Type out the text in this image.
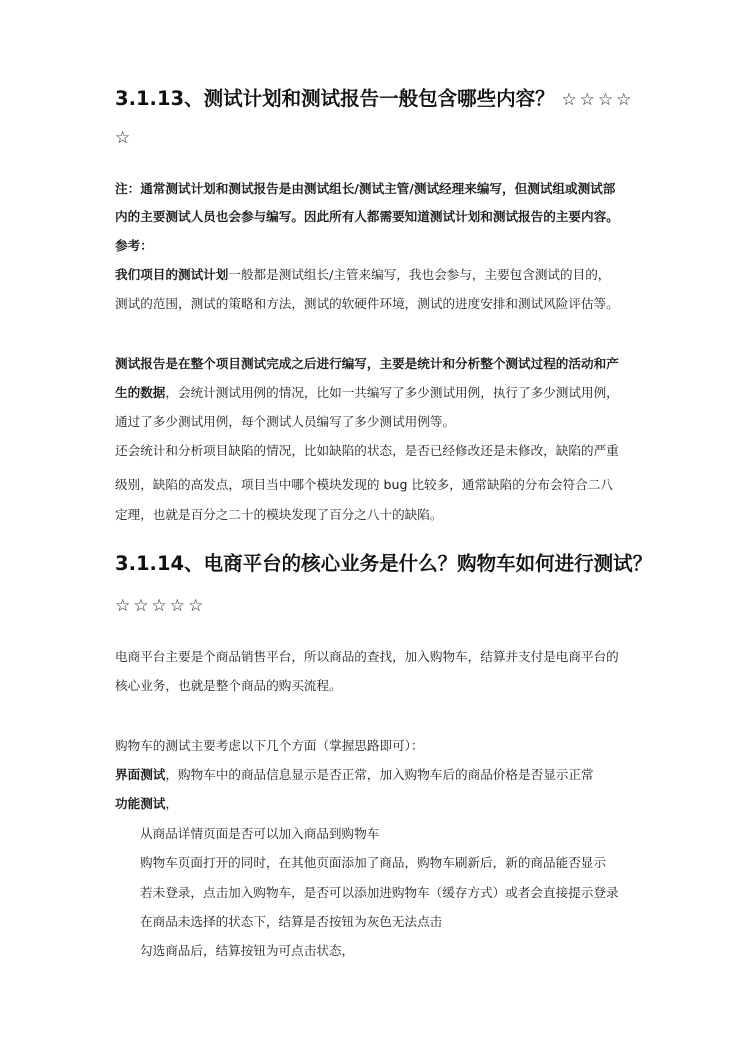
3.1.13、测试计划和测试报告一般包含哪些内容？ ☆☆☆☆
☆
注：通常测试计划和测试报告是由测试组长/测试主管/测试经理来编写，但测试组或测试部
内的主要测试人员也会参与编写。因此所有人都需要知道测试计划和测试报告的主要内容。
参考：
我们项目的测试计划一般都是测试组长/主管来编写，我也会参与，主要包含测试的目的，
测试的范围，测试的策略和方法，测试的软硬件环境，测试的进度安排和测试风险评估等。
测试报告是在整个项目测试完成之后进行编写，主要是统计和分析整个测试过程的活动和产
生的数据，会统计测试用例的情况，比如一共编写了多少测试用例，执行了多少测试用例，
通过了多少测试用例，每个测试人员编写了多少测试用例等。
还会统计和分析项目缺陷的情况，比如缺陷的状态，是否已经修改还是未修改，缺陷的严重
级别，缺陷的高发点，项目当中哪个模块发现的 bug 比较多，通常缺陷的分布会符合二八
定理，也就是百分之二十的模块发现了百分之八十的缺陷。
3.1.14、电商平台的核心业务是什么？购物车如何进行测试？
☆☆☆☆☆
电商平台主要是个商品销售平台，所以商品的查找，加入购物车，结算并支付是电商平台的
核心业务，也就是整个商品的购买流程。
购物车的测试主要考虑以下几个方面（掌握思路即可）：
界面测试，购物车中的商品信息显示是否正常，加入购物车后的商品价格是否显示正常
功能测试，
从商品详情页面是否可以加入商品到购物车
购物车页面打开的同时，在其他页面添加了商品，购物车刷新后，新的商品能否显示
若未登录，点击加入购物车，是否可以添加进购物车（缓存方式）或者会直接提示登录
在商品未选择的状态下，结算是否按钮为灰色无法点击
勾选商品后，结算按钮为可点击状态，
